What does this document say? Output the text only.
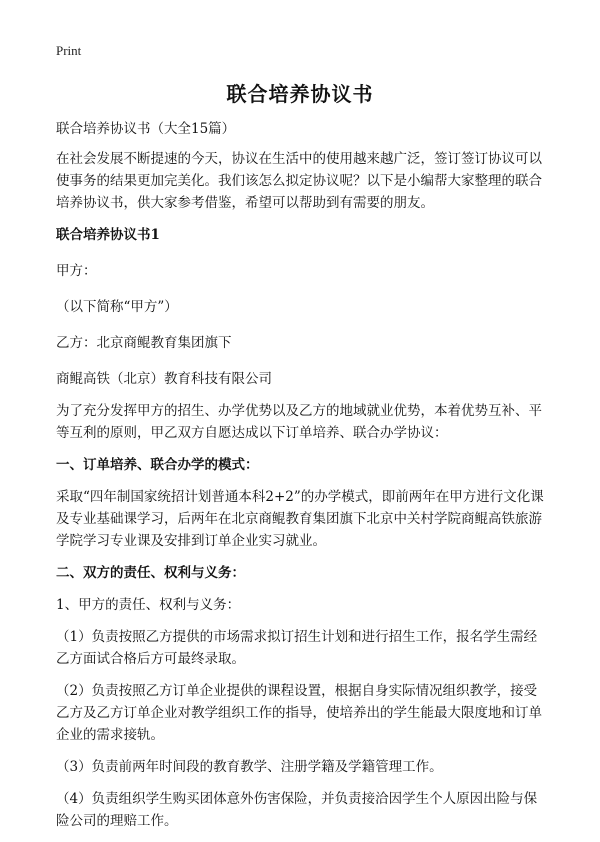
Print
联合培养协议书

联合培养协议书（大全15篇）

在社会发展不断提速的今天，协议在生活中的使用越来越广泛，签订签订协议可以使事务的结果更加完美化。我们该怎么拟定协议呢？以下是小编帮大家整理的联合培养协议书，供大家参考借鉴，希望可以帮助到有需要的朋友。

联合培养协议书1

甲方：

（以下简称“甲方”）

乙方：北京商鲲教育集团旗下

商鲲高铁（北京）教育科技有限公司

为了充分发挥甲方的招生、办学优势以及乙方的地域就业优势，本着优势互补、平等互利的原则，甲乙双方自愿达成以下订单培养、联合办学协议：

一、订单培养、联合办学的模式：

采取“四年制国家统招计划普通本科2+2”的办学模式，即前两年在甲方进行文化课及专业基础课学习，后两年在北京商鲲教育集团旗下北京中关村学院商鲲高铁旅游学院学习专业课及安排到订单企业实习就业。

二、双方的责任、权利与义务：

1、甲方的责任、权利与义务：

（1）负责按照乙方提供的市场需求拟订招生计划和进行招生工作，报名学生需经乙方面试合格后方可最终录取。

（2）负责按照乙方订单企业提供的课程设置，根据自身实际情况组织教学，接受乙方及乙方订单企业对教学组织工作的指导，使培养出的学生能最大限度地和订单企业的需求接轨。

（3）负责前两年时间段的教育教学、注册学籍及学籍管理工作。

（4）负责组织学生购买团体意外伤害保险，并负责接洽因学生个人原因出险与保险公司的理赔工作。
